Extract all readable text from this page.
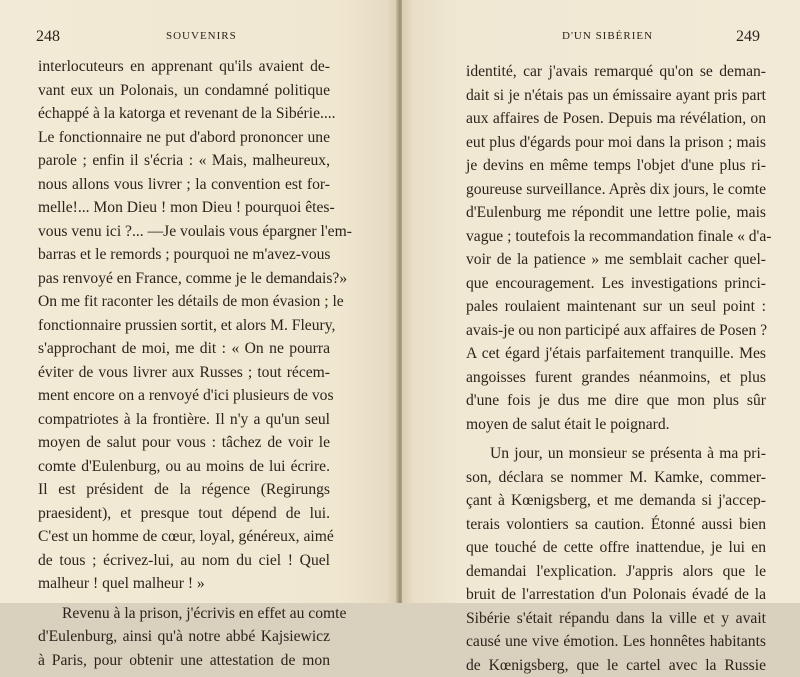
248	SOUVENIRS
interlocuteurs en apprenant qu'ils avaient de-
vant eux un Polonais, un condamné politique
échappé à la katorga et revenant de la Sibérie....
Le fonctionnaire ne put d'abord prononcer une
parole ; enfin il s'écria : « Mais, malheureux,
nous allons vous livrer ; la convention est for-
melle!... Mon Dieu ! mon Dieu ! pourquoi êtes-
vous venu ici ?... —Je voulais vous épargner l'em-
barras et le remords ; pourquoi ne m'avez-vous
pas renvoyé en France, comme je le demandais?»
On me fit raconter les détails de mon évasion ; le
fonctionnaire prussien sortit, et alors M. Fleury,
s'approchant de moi, me dit : « On ne pourra
éviter de vous livrer aux Russes ; tout récem-
ment encore on a renvoyé d'ici plusieurs de vos
compatriotes à la frontière. Il n'y a qu'un seul
moyen de salut pour vous : tâchez de voir le
comte d'Eulenburg, ou au moins de lui écrire.
Il est président de la régence (Regirungs
praesident), et presque tout dépend de lui.
C'est un homme de cœur, loyal, généreux, aimé
de tous ; écrivez-lui, au nom du ciel ! Quel
malheur ! quel malheur ! »
Revenu à la prison, j'écrivis en effet au comte
d'Eulenburg, ainsi qu'à notre abbé Kajsiewicz
à Paris, pour obtenir une attestation de mon
D'UN SIBÉRIEN	249
identité, car j'avais remarqué qu'on se deman-
dait si je n'étais pas un émissaire ayant pris part
aux affaires de Posen. Depuis ma révélation, on
eut plus d'égards pour moi dans la prison ; mais
je devins en même temps l'objet d'une plus ri-
goureuse surveillance. Après dix jours, le comte
d'Eulenburg me répondit une lettre polie, mais
vague ; toutefois la recommandation finale « d'a-
voir de la patience » me semblait cacher quel-
que encouragement. Les investigations princi-
pales roulaient maintenant sur un seul point :
avais-je ou non participé aux affaires de Posen ?
A cet égard j'étais parfaitement tranquille. Mes
angoisses furent grandes néanmoins, et plus
d'une fois je dus me dire que mon plus sûr
moyen de salut était le poignard.
Un jour, un monsieur se présenta à ma pri-
son, déclara se nommer M. Kamke, commer-
çant à Kœnigsberg, et me demanda si j'accep-
terais volontiers sa caution. Étonné aussi bien
que touché de cette offre inattendue, je lui en
demandai l'explication. J'appris alors que le
bruit de l'arrestation d'un Polonais évadé de la
Sibérie s'était répandu dans la ville et y avait
causé une vive émotion. Les honnêtes habitants
de Kœnigsberg, que le cartel avec la Russie
